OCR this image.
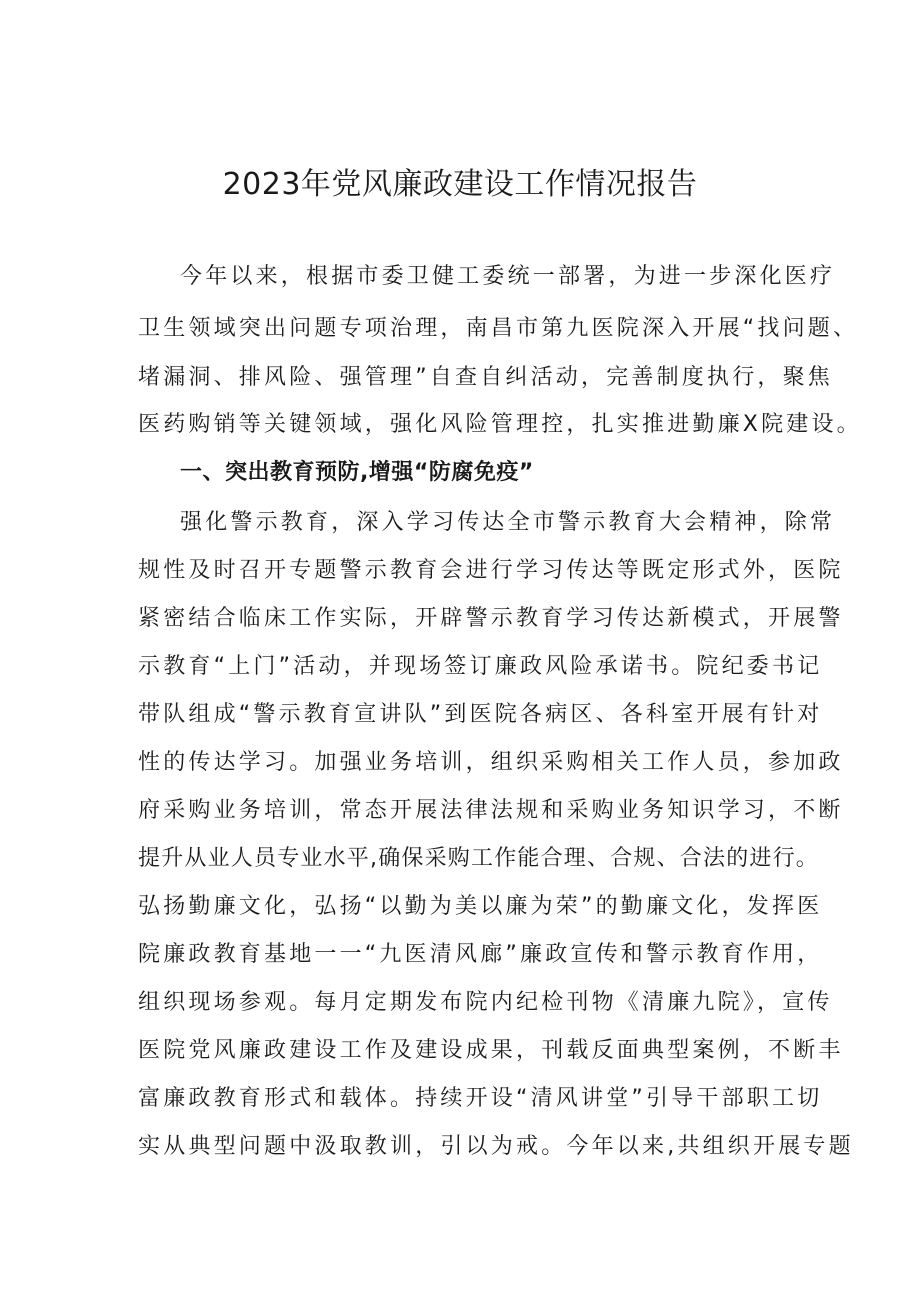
2023年党风廉政建设工作情况报告
今年以来，根据市委卫健工委统一部署，为进一步深化医疗
卫生领域突出问题专项治理，南昌市第九医院深入开展“找问题、
堵漏洞、排风险、强管理”自查自纠活动，完善制度执行，聚焦
医药购销等关键领域，强化风险管理控，扎实推进勤廉X院建设。
一、突出教育预防,增强“防腐免疫”
强化警示教育，深入学习传达全市警示教育大会精神，除常
规性及时召开专题警示教育会进行学习传达等既定形式外，医院
紧密结合临床工作实际，开辟警示教育学习传达新模式，开展警
示教育“上门”活动，并现场签订廉政风险承诺书。院纪委书记
带队组成“警示教育宣讲队”到医院各病区、各科室开展有针对
性的传达学习。加强业务培训，组织采购相关工作人员，参加政
府采购业务培训，常态开展法律法规和采购业务知识学习，不断
提升从业人员专业水平,确保采购工作能合理、合规、合法的进行。
弘扬勤廉文化，弘扬“以勤为美以廉为荣”的勤廉文化，发挥医
院廉政教育基地一一“九医清风廊”廉政宣传和警示教育作用，
组织现场参观。每月定期发布院内纪检刊物《清廉九院》，宣传
医院党风廉政建设工作及建设成果，刊载反面典型案例，不断丰
富廉政教育形式和载体。持续开设“清风讲堂”引导干部职工切
实从典型问题中汲取教训，引以为戒。今年以来,共组织开展专题
